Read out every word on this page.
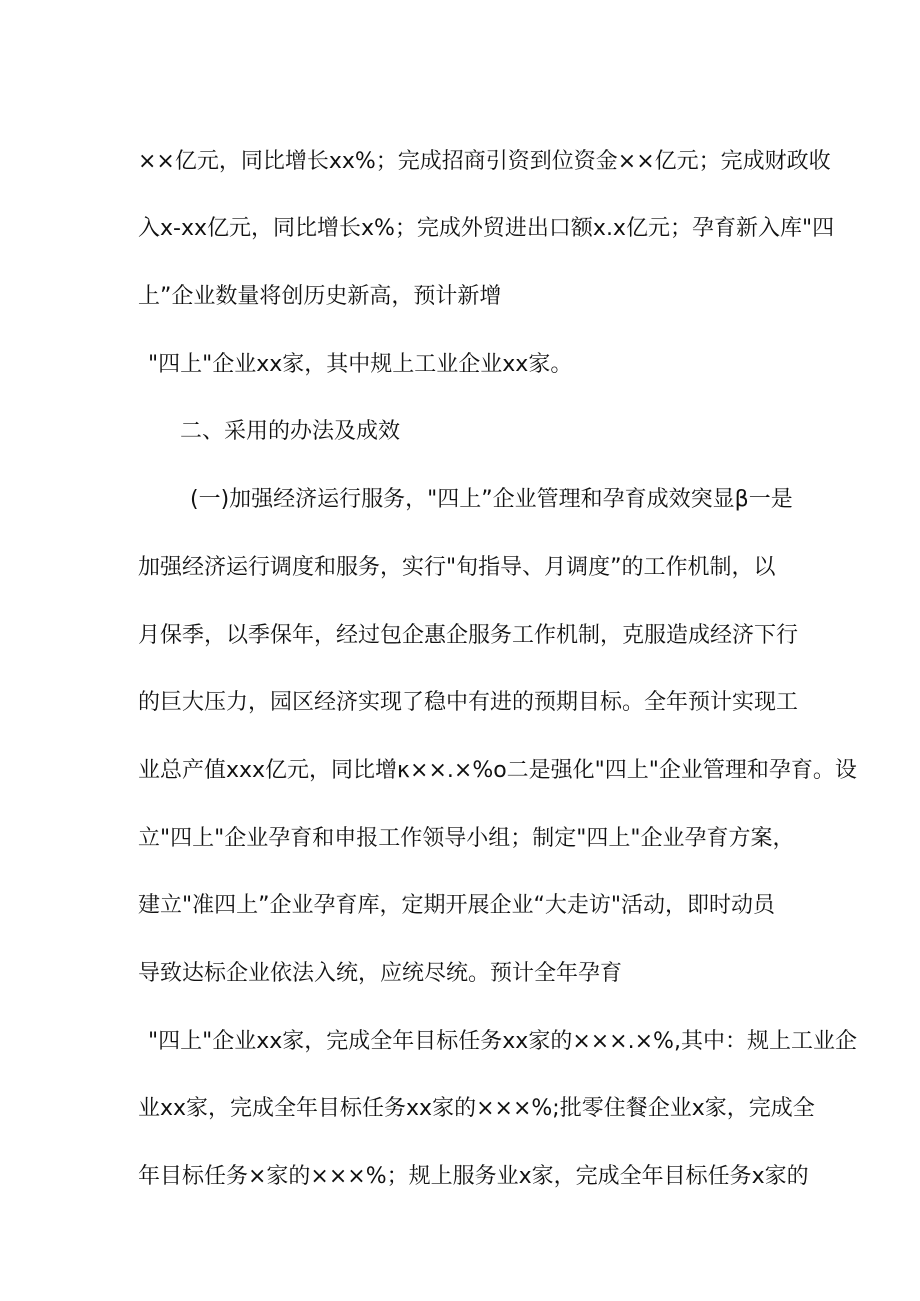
××亿元，同比增长xx%；完成招商引资到位资金××亿元；完成财政收

入x-xx亿元，同比增长x%；完成外贸进出口额x.x亿元；孕育新入库"四

上”企业数量将创历史新高，预计新增

"四上"企业xx家，其中规上工业企业xx家。

二、采用的办法及成效

(一)加强经济运行服务，"四上”企业管理和孕育成效突显β一是

加强经济运行调度和服务，实行"旬指导、月调度”的工作机制，以

月保季，以季保年，经过包企惠企服务工作机制，克服造成经济下行

的巨大压力，园区经济实现了稳中有进的预期目标。全年预计实现工

业总产值xxx亿元，同比增κ××.×%o二是强化"四上"企业管理和孕育。设

立"四上"企业孕育和申报工作领导小组；制定"四上"企业孕育方案，

建立"准四上”企业孕育库，定期开展企业“大走访"活动，即时动员

导致达标企业依法入统，应统尽统。预计全年孕育

"四上"企业xx家，完成全年目标任务xx家的×××.×%,其中：规上工业企

业xx家，完成全年目标任务xx家的×××%;批零住餐企业x家，完成全

年目标任务×家的×××%；规上服务业x家，完成全年目标任务x家的
